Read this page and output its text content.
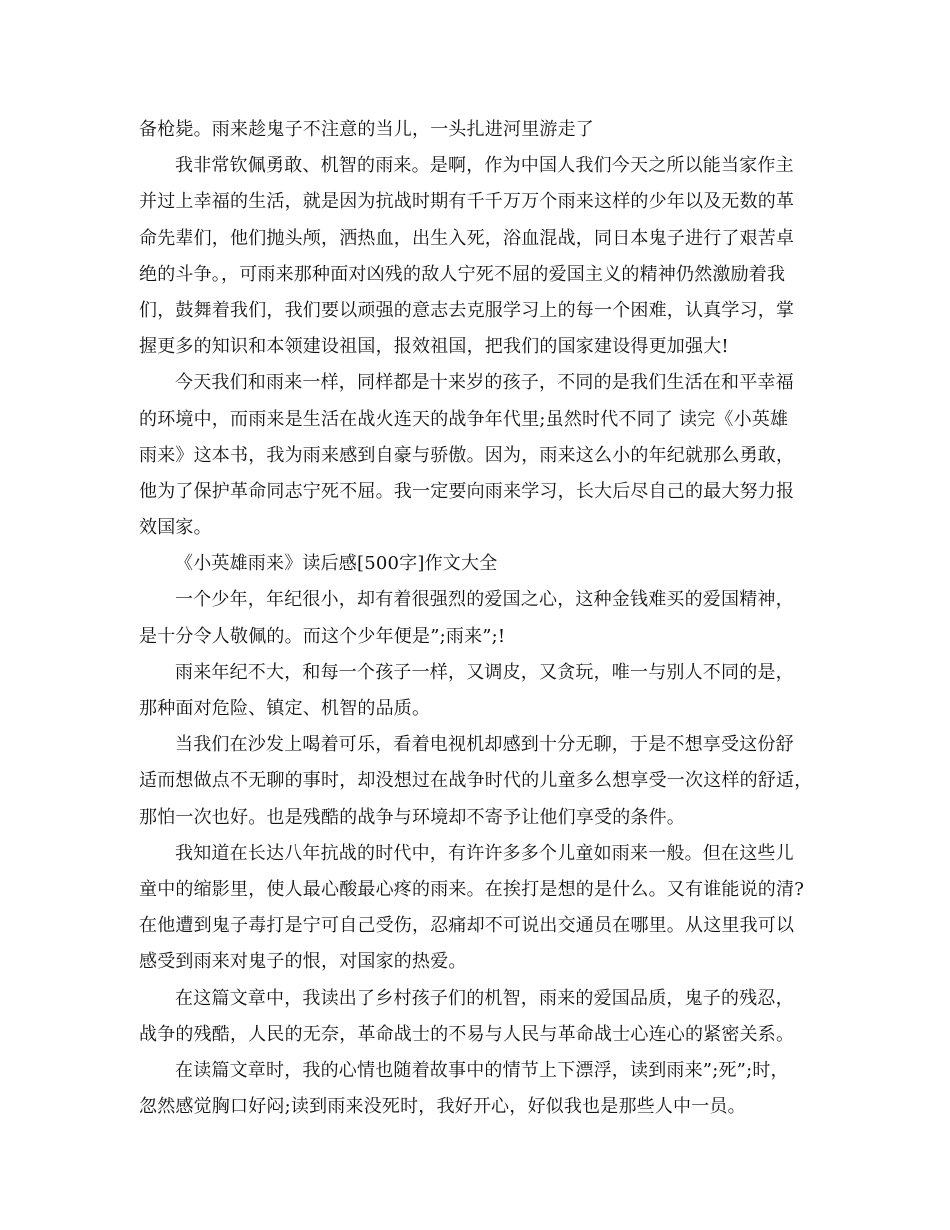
备枪毙。雨来趁鬼子不注意的当儿，一头扎进河里游走了
我非常钦佩勇敢、机智的雨来。是啊，作为中国人我们今天之所以能当家作主
并过上幸福的生活，就是因为抗战时期有千千万万个雨来这样的少年以及无数的革
命先辈们，他们抛头颅，洒热血，出生入死，浴血混战，同日本鬼子进行了艰苦卓
绝的斗争。，可雨来那种面对凶残的敌人宁死不屈的爱国主义的精神仍然激励着我
们，鼓舞着我们，我们要以顽强的意志去克服学习上的每一个困难，认真学习，掌
握更多的知识和本领建设祖国，报效祖国，把我们的国家建设得更加强大!
今天我们和雨来一样，同样都是十来岁的孩子，不同的是我们生活在和平幸福
的环境中，而雨来是生活在战火连天的战争年代里;虽然时代不同了 读完《小英雄
雨来》这本书，我为雨来感到自豪与骄傲。因为，雨来这么小的年纪就那么勇敢，
他为了保护革命同志宁死不屈。我一定要向雨来学习，长大后尽自己的最大努力报
效国家。
《小英雄雨来》读后感[500字]作文大全
一个少年，年纪很小，却有着很强烈的爱国之心，这种金钱难买的爱国精神，
是十分令人敬佩的。而这个少年便是”;雨来”;!
雨来年纪不大，和每一个孩子一样，又调皮，又贪玩，唯一与别人不同的是，
那种面对危险、镇定、机智的品质。
当我们在沙发上喝着可乐，看着电视机却感到十分无聊，于是不想享受这份舒
适而想做点不无聊的事时，却没想过在战争时代的儿童多么想享受一次这样的舒适，
那怕一次也好。也是残酷的战争与环境却不寄予让他们享受的条件。
我知道在长达八年抗战的时代中，有许许多多个儿童如雨来一般。但在这些儿
童中的缩影里，使人最心酸最心疼的雨来。在挨打是想的是什么。又有谁能说的清?
在他遭到鬼子毒打是宁可自己受伤，忍痛却不可说出交通员在哪里。从这里我可以
感受到雨来对鬼子的恨，对国家的热爱。
在这篇文章中，我读出了乡村孩子们的机智，雨来的爱国品质，鬼子的残忍，
战争的残酷，人民的无奈，革命战士的不易与人民与革命战士心连心的紧密关系。
在读篇文章时，我的心情也随着故事中的情节上下漂浮，读到雨来”;死”;时，
忽然感觉胸口好闷;读到雨来没死时，我好开心，好似我也是那些人中一员。
